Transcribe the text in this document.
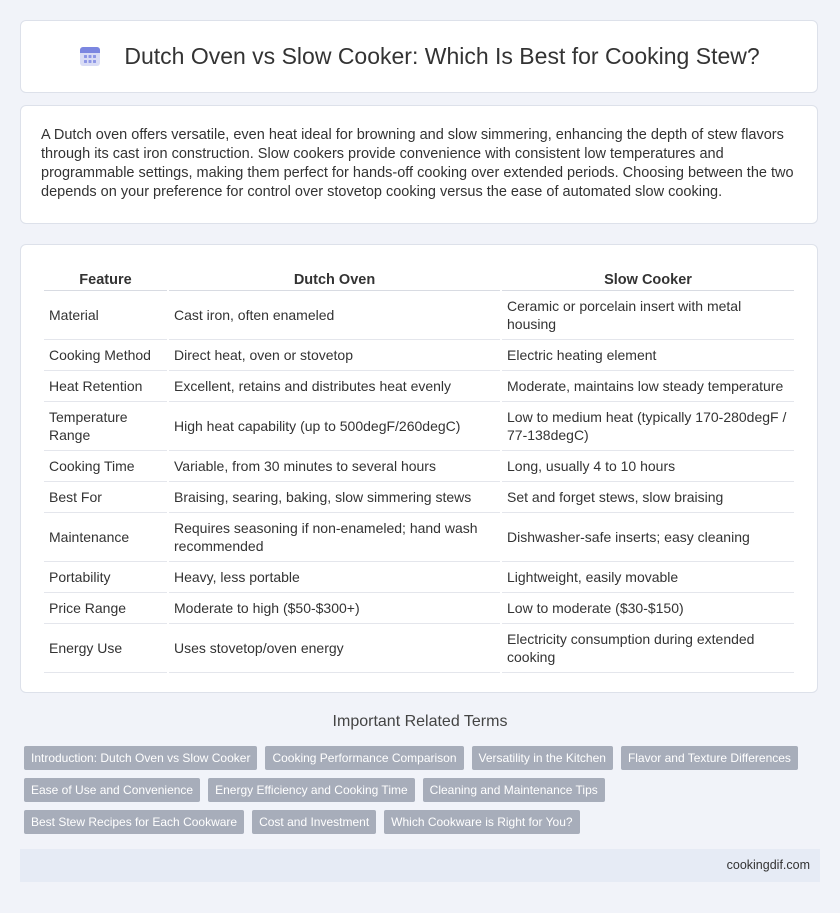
Dutch Oven vs Slow Cooker: Which Is Best for Cooking Stew?

A Dutch oven offers versatile, even heat ideal for browning and slow simmering, enhancing the depth of stew flavors through its cast iron construction. Slow cookers provide convenience with consistent low temperatures and programmable settings, making them perfect for hands-off cooking over extended periods. Choosing between the two depends on your preference for control over stovetop cooking versus the ease of automated slow cooking.

Feature	Dutch Oven	Slow Cooker
Material	Cast iron, often enameled	Ceramic or porcelain insert with metal housing
Cooking Method	Direct heat, oven or stovetop	Electric heating element
Heat Retention	Excellent, retains and distributes heat evenly	Moderate, maintains low steady temperature
Temperature Range	High heat capability (up to 500degF/260degC)	Low to medium heat (typically 170-280degF / 77-138degC)
Cooking Time	Variable, from 30 minutes to several hours	Long, usually 4 to 10 hours
Best For	Braising, searing, baking, slow simmering stews	Set and forget stews, slow braising
Maintenance	Requires seasoning if non-enameled; hand wash recommended	Dishwasher-safe inserts; easy cleaning
Portability	Heavy, less portable	Lightweight, easily movable
Price Range	Moderate to high ($50-$300+)	Low to moderate ($30-$150)
Energy Use	Uses stovetop/oven energy	Electricity consumption during extended cooking
Important Related Terms
Introduction: Dutch Oven vs Slow Cooker	Cooking Performance Comparison	Versatility in the Kitchen	Flavor and Texture Differences
Ease of Use and Convenience	Energy Efficiency and Cooking Time	Cleaning and Maintenance Tips
Best Stew Recipes for Each Cookware	Cost and Investment	Which Cookware is Right for You?
cookingdif.com
